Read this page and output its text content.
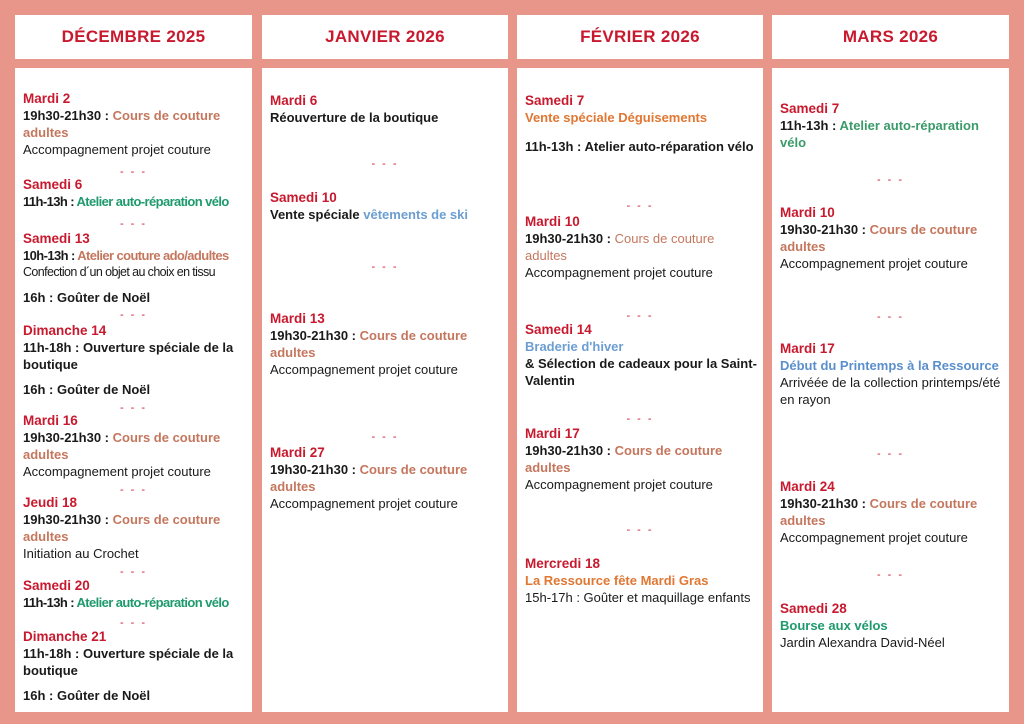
DÉCEMBRE 2025	JANVIER 2026	FÉVRIER 2026	MARS 2026
Mardi 2
19h30-21h30 : Cours de couture adultes
Accompagnement projet couture
- - -
Samedi 6
11h-13h : Atelier auto-réparation vélo
- - -
Samedi 13
10h-13h : Atelier couture ado/adultes
Confection d´un objet au choix en tissu
16h : Goûter de Noël
- - -
Dimanche 14
11h-18h : Ouverture spéciale de la boutique
16h : Goûter de Noël
- - -
Mardi 16
19h30-21h30 : Cours de couture adultes
Accompagnement projet couture
- - -
Jeudi 18
19h30-21h30 : Cours de couture adultes
Initiation au Crochet
- - -
Samedi 20
11h-13h : Atelier auto-réparation vélo
- - -
Dimanche 21
11h-18h : Ouverture spéciale de la boutique
16h : Goûter de Noël
Mardi 6
Réouverture de la boutique
- - -
Samedi 10
Vente spéciale vêtements de ski
- - -
Mardi 13
19h30-21h30 : Cours de couture adultes
Accompagnement projet couture
- - -
Mardi 27
19h30-21h30 : Cours de couture adultes
Accompagnement projet couture
Samedi 7
Vente spéciale Déguisements
11h-13h : Atelier auto-réparation vélo
- - -
Mardi 10
19h30-21h30 : Cours de couture adultes
Accompagnement projet couture
- - -
Samedi 14
Braderie d'hiver
& Sélection de cadeaux pour la Saint-Valentin
- - -
Mardi 17
19h30-21h30 : Cours de couture adultes
Accompagnement projet couture
- - -
Mercredi 18
La Ressource fête Mardi Gras
15h-17h : Goûter et maquillage enfants
Samedi 7
11h-13h : Atelier auto-réparation vélo
- - -
Mardi 10
19h30-21h30 : Cours de couture adultes
Accompagnement projet couture
- - -
Mardi 17
Début du Printemps à la Ressource
Arrivéée de la collection printemps/été en rayon
- - -
Mardi 24
19h30-21h30 : Cours de couture adultes
Accompagnement projet couture
- - -
Samedi 28
Bourse aux vélos
Jardin Alexandra David-Néel
